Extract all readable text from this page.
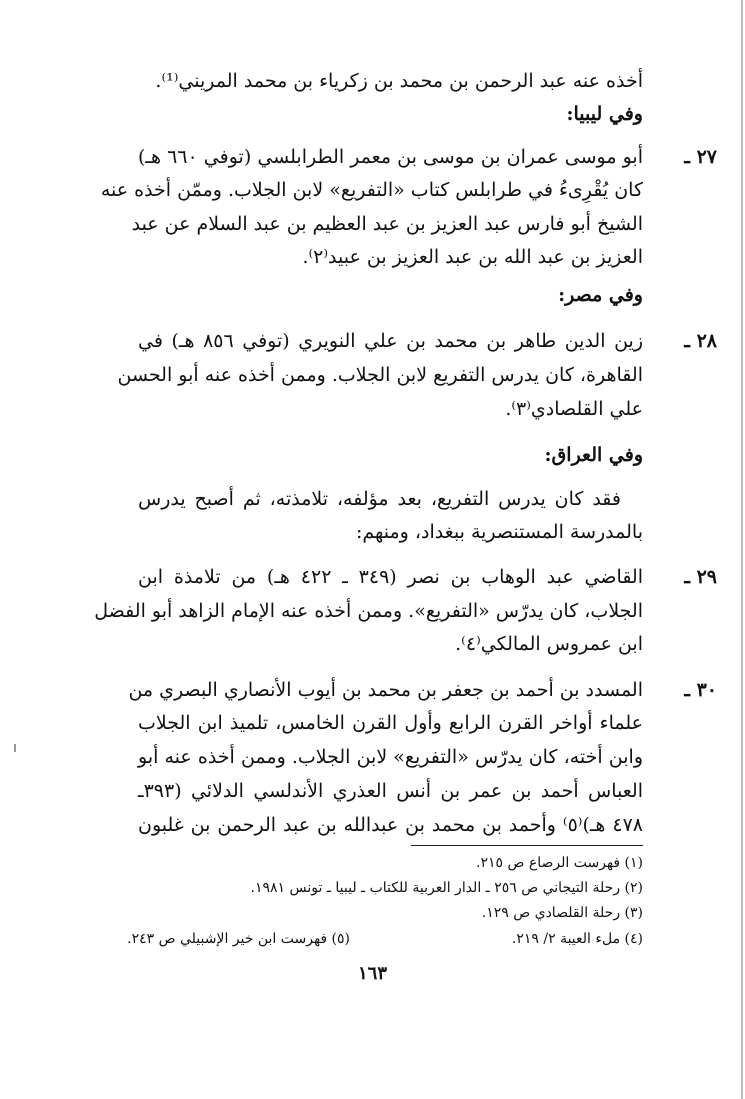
أخذه عنه عبد الرحمن بن محمد بن زكرياء بن محمد المريني⁽¹⁾.
وفي ليبيا:
٢٧ ـ
أبو موسى عمران بن موسى بن معمر الطرابلسي (توفي ٦٦٠ هـ)
كان يُقْرِىءُ في طرابلس كتاب «التفريع» لابن الجلاب. وممّن أخذه عنه
الشيخ أبو فارس عبد العزيز بن عبد العظيم بن عبد السلام عن عبد
العزيز بن عبد الله بن عبد العزيز بن عبيد⁽٢⁾.
وفي مصر:
٢٨ ـ
زين الدين طاهر بن محمد بن علي النويري (توفي ٨٥٦ هـ) في
القاهرة، كان يدرس التفريع لابن الجلاب. وممن أخذه عنه أبو الحسن
علي القلصادي⁽٣⁾.
وفي العراق:
فقد كان يدرس التفريع، بعد مؤلفه، تلامذته، ثم أصبح يدرس
بالمدرسة المستنصرية ببغداد، ومنهم:
٢٩ ـ
القاضي عبد الوهاب بن نصر (٣٤٩ ـ ٤٢٢ هـ) من تلامذة ابن
الجلاب، كان يدرّس «التفريع». وممن أخذه عنه الإمام الزاهد أبو الفضل
ابن عمروس المالكي⁽٤⁾.
٣٠ ـ
المسدد بن أحمد بن جعفر بن محمد بن أيوب الأنصاري البصري من
علماء أواخر القرن الرابع وأول القرن الخامس، تلميذ ابن الجلاب
وابن أخته، كان يدرّس «التفريع» لابن الجلاب. وممن أخذه عنه أبو
العباس أحمد بن عمر بن أنس العذري الأندلسي الدلائي (٣٩٣ـ
٤٧٨ هـ)⁽٥⁾ وأحمد بن محمد بن عبدالله بن عبد الرحمن بن غلبون
(١) فهرست الرصاع ص ٢١٥.
(٢) رحلة التيجاني ص ٢٥٦ ـ الدار العربية للكتاب ـ ليبيا ـ تونس ١٩٨١.
(٣) رحلة القلصادي ص ١٢٩.
(٤) ملء العيبة ٢/ ٢١٩.
(٥) فهرست ابن خير الإشبيلي ص ٢٤٣.
١٦٣
